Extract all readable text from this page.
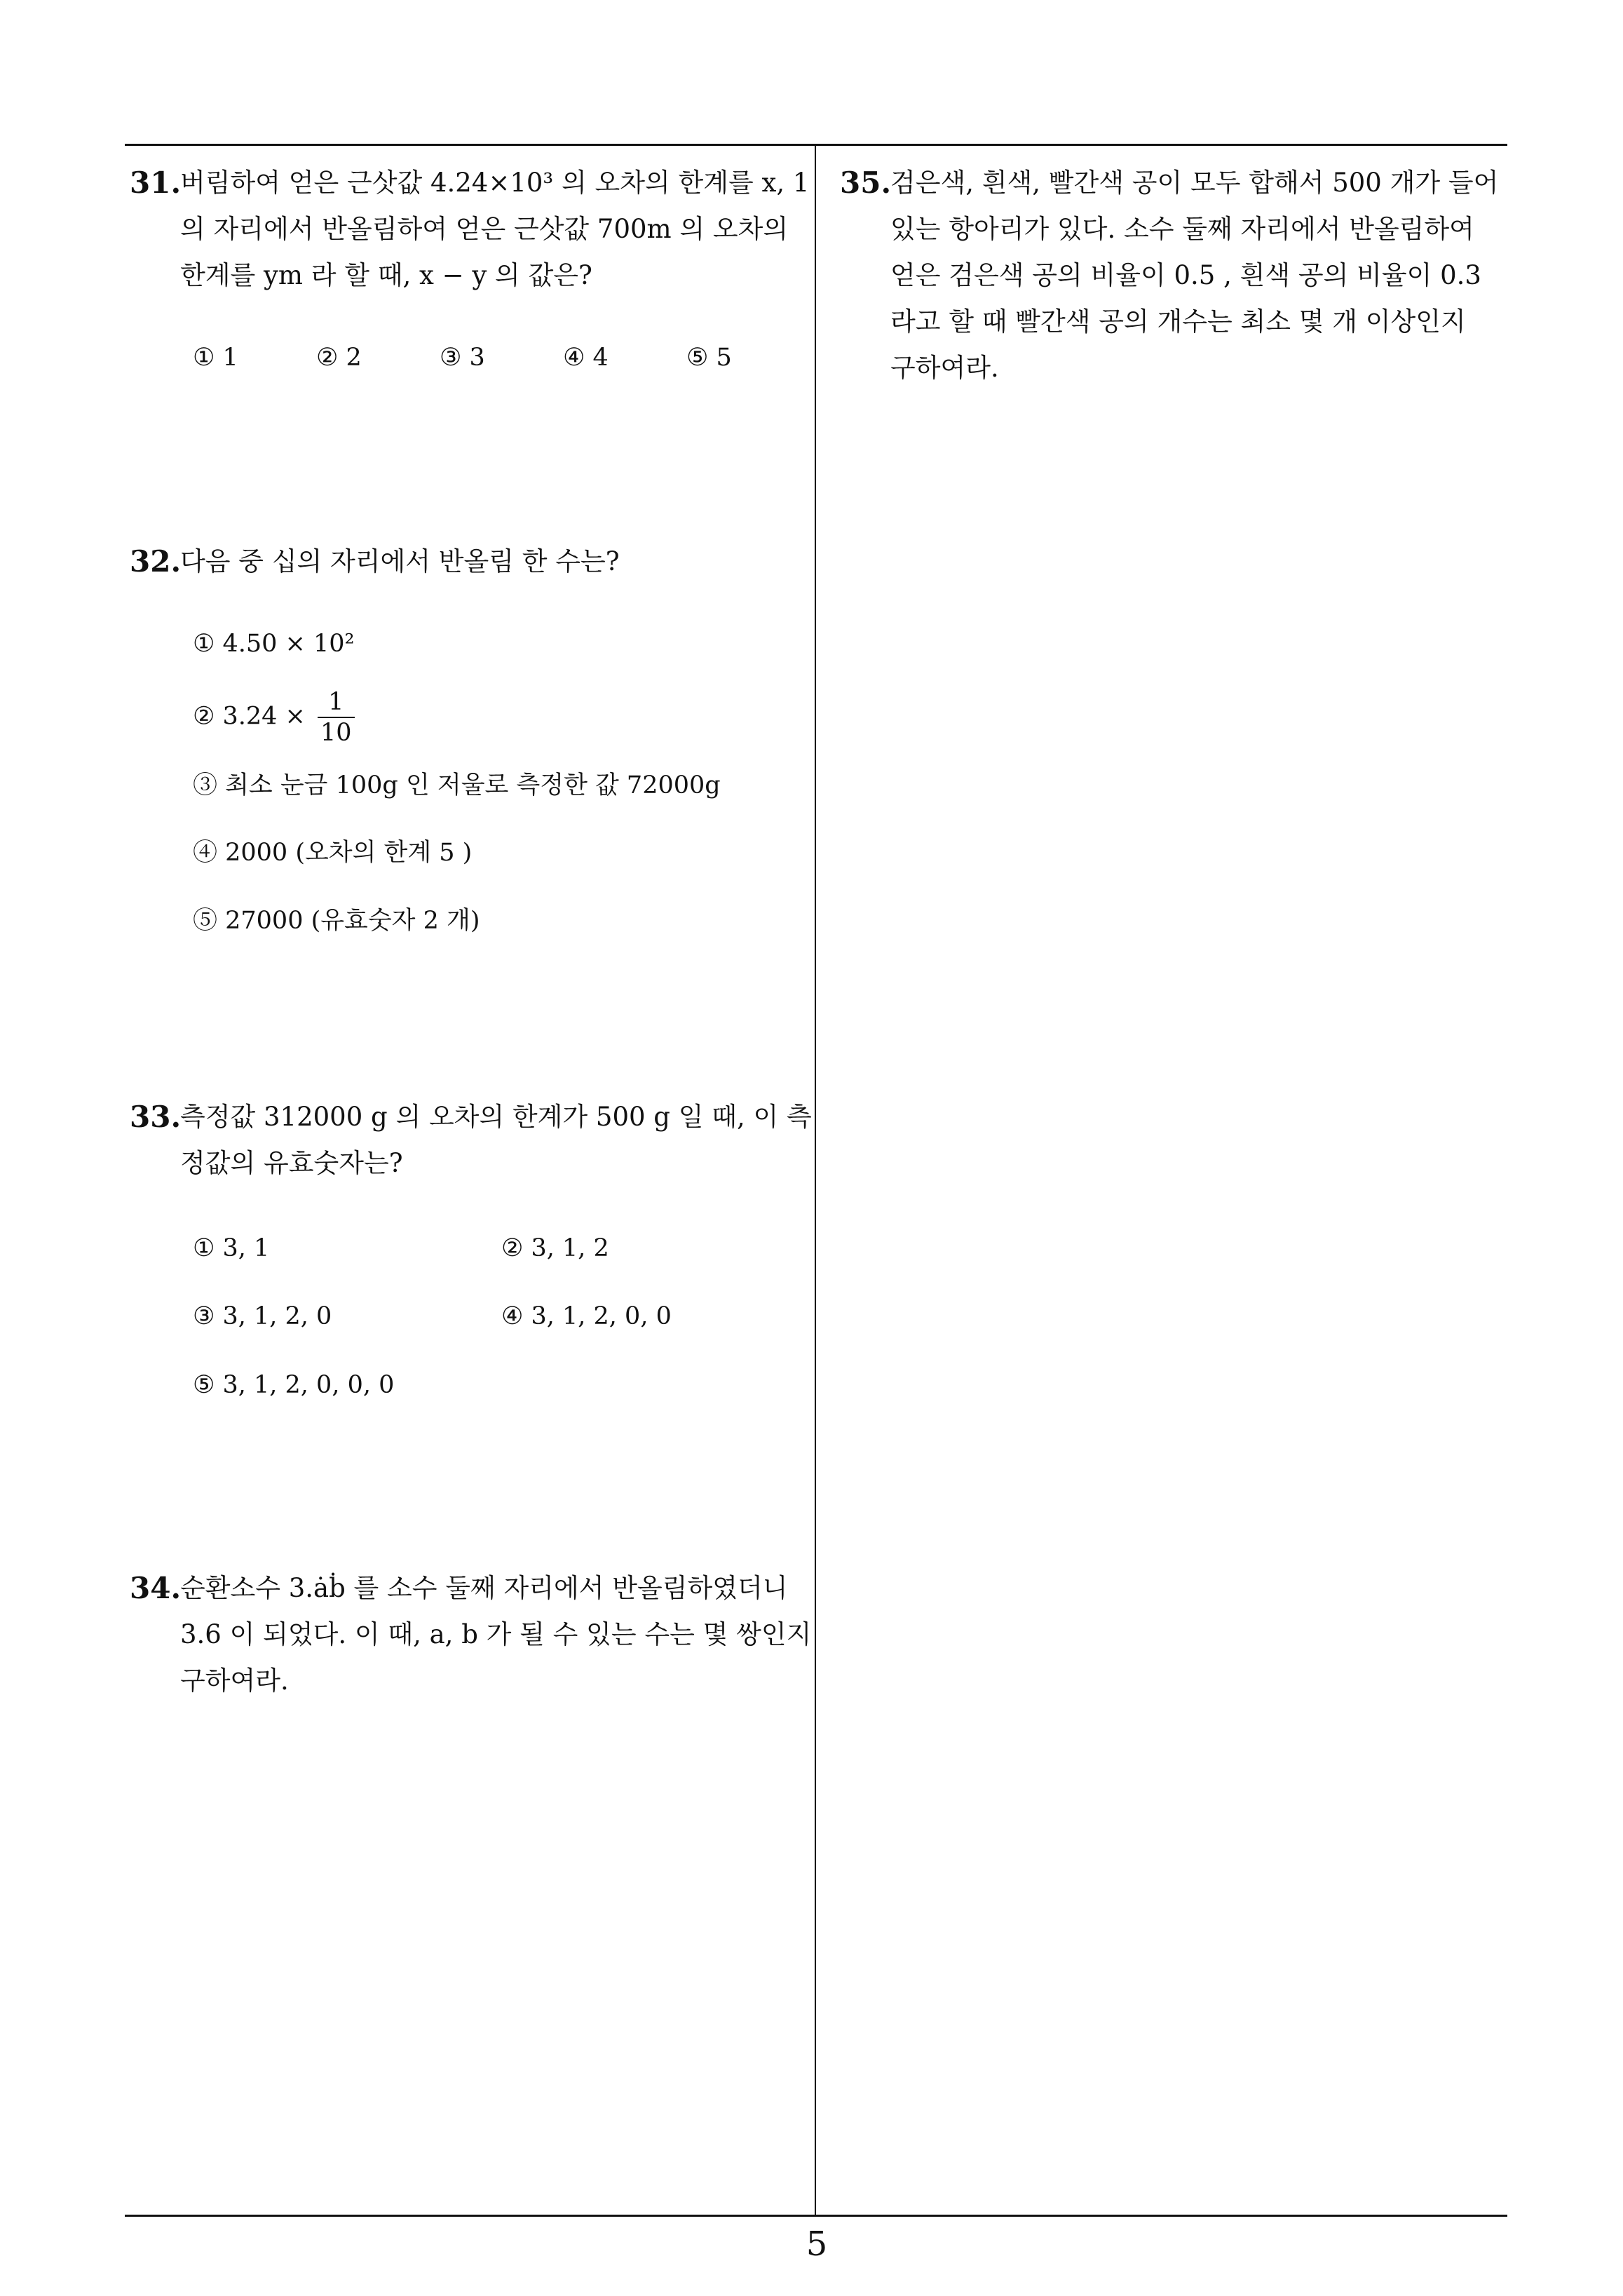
31.
버림하여 얻은 근삿값 4.24×10³ 의 오차의 한계를 x, 1
의 자리에서 반올림하여 얻은 근삿값 700m 의 오차의
한계를 ym 라 할 때, x − y 의 값은?
① 1	② 2	③ 3	④ 4	⑤ 5
32.
다음 중 십의 자리에서 반올림 한 수는?
① 4.50 × 10²
② $3.24 \times \frac{1}{10}$
③ 최소 눈금 100g 인 저울로 측정한 값 72000g
④ 2000 (오차의 한계 5 )
⑤ 27000 (유효숫자 2 개)
33.
측정값 312000 g 의 오차의 한계가 500 g 일 때, 이 측
정값의 유효숫자는?
① 3, 1	② 3, 1, 2
③ 3, 1, 2, 0	④ 3, 1, 2, 0, 0
⑤ 3, 1, 2, 0, 0, 0
34.
순환소수 3.ȧḃ 를 소수 둘째 자리에서 반올림하였더니
3.6 이 되었다. 이 때, a, b 가 될 수 있는 수는 몇 쌍인지
구하여라.
35.
검은색, 흰색, 빨간색 공이 모두 합해서 500 개가 들어
있는 항아리가 있다. 소수 둘째 자리에서 반올림하여
얻은 검은색 공의 비율이 0.5 , 흰색 공의 비율이 0.3
라고 할 때 빨간색 공의 개수는 최소 몇 개 이상인지
구하여라.
5
